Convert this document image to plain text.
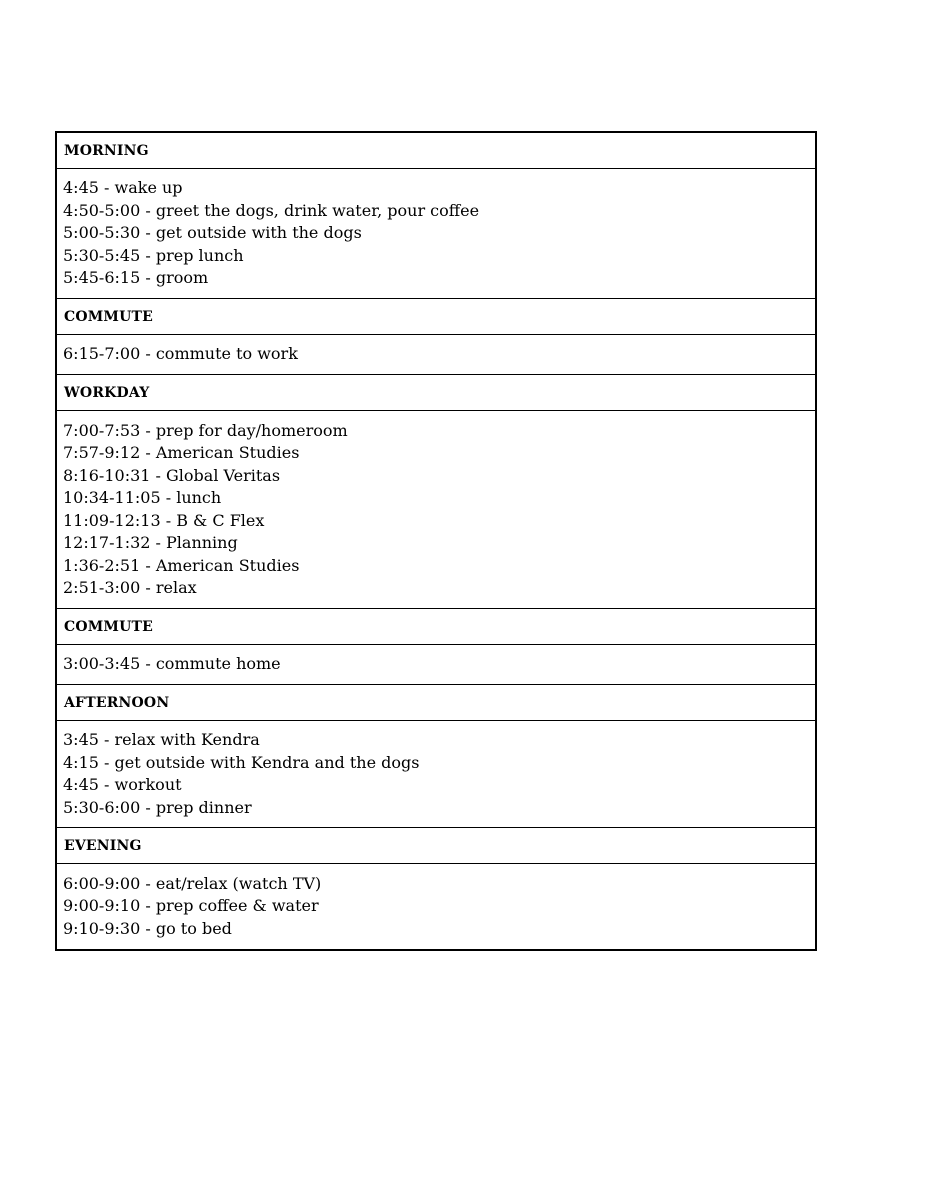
MORNING
4:45 - wake up
4:50-5:00 - greet the dogs, drink water, pour coffee
5:00-5:30 - get outside with the dogs
5:30-5:45 - prep lunch
5:45-6:15 - groom
COMMUTE
6:15-7:00 - commute to work
WORKDAY
7:00-7:53 - prep for day/homeroom
7:57-9:12 - American Studies
8:16-10:31 - Global Veritas
10:34-11:05 - lunch
11:09-12:13 - B & C Flex
12:17-1:32 - Planning
1:36-2:51 - American Studies
2:51-3:00 - relax
COMMUTE
3:00-3:45 - commute home
AFTERNOON
3:45 - relax with Kendra
4:15 - get outside with Kendra and the dogs
4:45 - workout
5:30-6:00 - prep dinner
EVENING
6:00-9:00 - eat/relax (watch TV)
9:00-9:10 - prep coffee & water
9:10-9:30 - go to bed
